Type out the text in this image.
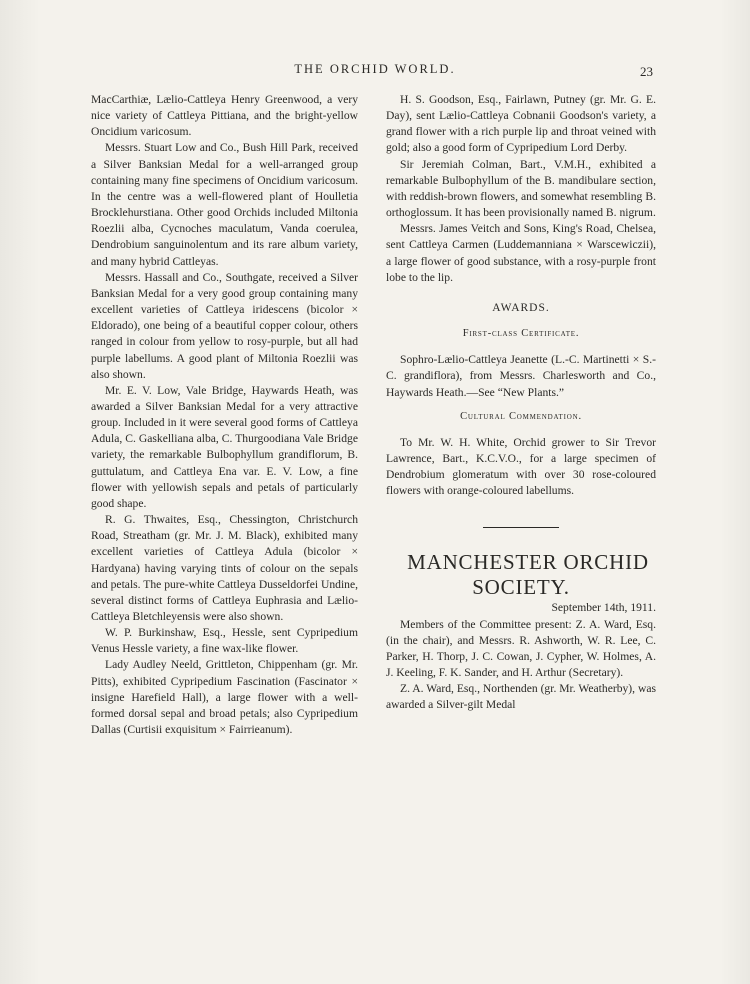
THE ORCHID WORLD.	23

MacCarthiæ, Lælio-Cattleya Henry Greenwood, a very nice variety of Cattleya Pittiana, and the bright-yellow Oncidium varicosum.

Messrs. Stuart Low and Co., Bush Hill Park, received a Silver Banksian Medal for a well-arranged group containing many fine specimens of Oncidium varicosum. In the centre was a well-flowered plant of Houlletia Brocklehurstiana. Other good Orchids included Miltonia Roezlii alba, Cycnoches maculatum, Vanda coerulea, Dendrobium sanguinolentum and its rare album variety, and many hybrid Cattleyas.

Messrs. Hassall and Co., Southgate, received a Silver Banksian Medal for a very good group containing many excellent varieties of Cattleya iridescens (bicolor × Eldorado), one being of a beautiful copper colour, others ranged in colour from yellow to rosy-purple, but all had purple labellums. A good plant of Miltonia Roezlii was also shown.

Mr. E. V. Low, Vale Bridge, Haywards Heath, was awarded a Silver Banksian Medal for a very attractive group. Included in it were several good forms of Cattleya Adula, C. Gaskelliana alba, C. Thurgoodiana Vale Bridge variety, the remarkable Bulbophyllum grandiflorum, B. guttulatum, and Cattleya Ena var. E. V. Low, a fine flower with yellowish sepals and petals of particularly good shape.

R. G. Thwaites, Esq., Chessington, Christchurch Road, Streatham (gr. Mr. J. M. Black), exhibited many excellent varieties of Cattleya Adula (bicolor × Hardyana) having varying tints of colour on the sepals and petals. The pure-white Cattleya Dusseldorfei Undine, several distinct forms of Cattleya Euphrasia and Lælio-Cattleya Bletchleyensis were also shown.

W. P. Burkinshaw, Esq., Hessle, sent Cypripedium Venus Hessle variety, a fine wax-like flower.

Lady Audley Neeld, Grittleton, Chippenham (gr. Mr. Pitts), exhibited Cypripedium Fascination (Fascinator × insigne Harefield Hall), a large flower with a well-formed dorsal sepal and broad petals; also Cypripedium Dallas (Curtisii exquisitum × Fairrieanum).

H. S. Goodson, Esq., Fairlawn, Putney (gr. Mr. G. E. Day), sent Lælio-Cattleya Cobnanii Goodson's variety, a grand flower with a rich purple lip and throat veined with gold; also a good form of Cypripedium Lord Derby.

Sir Jeremiah Colman, Bart., V.M.H., exhibited a remarkable Bulbophyllum of the B. mandibulare section, with reddish-brown flowers, and somewhat resembling B. orthoglossum. It has been provisionally named B. nigrum.

Messrs. James Veitch and Sons, King's Road, Chelsea, sent Cattleya Carmen (Luddemanniana × Warscewiczii), a large flower of good substance, with a rosy-purple front lobe to the lip.

AWARDS.

First-class Certificate.

Sophro-Lælio-Cattleya Jeanette (L.-C. Martinetti × S.-C. grandiflora), from Messrs. Charlesworth and Co., Haywards Heath.—See “New Plants.”

Cultural Commendation.

To Mr. W. H. White, Orchid grower to Sir Trevor Lawrence, Bart., K.C.V.O., for a large specimen of Dendrobium glomeratum with over 30 rose-coloured flowers with orange-coloured labellums.

MANCHESTER ORCHID SOCIETY.

September 14th, 1911.

Members of the Committee present: Z. A. Ward, Esq. (in the chair), and Messrs. R. Ashworth, W. R. Lee, C. Parker, H. Thorp, J. C. Cowan, J. Cypher, W. Holmes, A. J. Keeling, F. K. Sander, and H. Arthur (Secretary).

Z. A. Ward, Esq., Northenden (gr. Mr. Weatherby), was awarded a Silver-gilt Medal
